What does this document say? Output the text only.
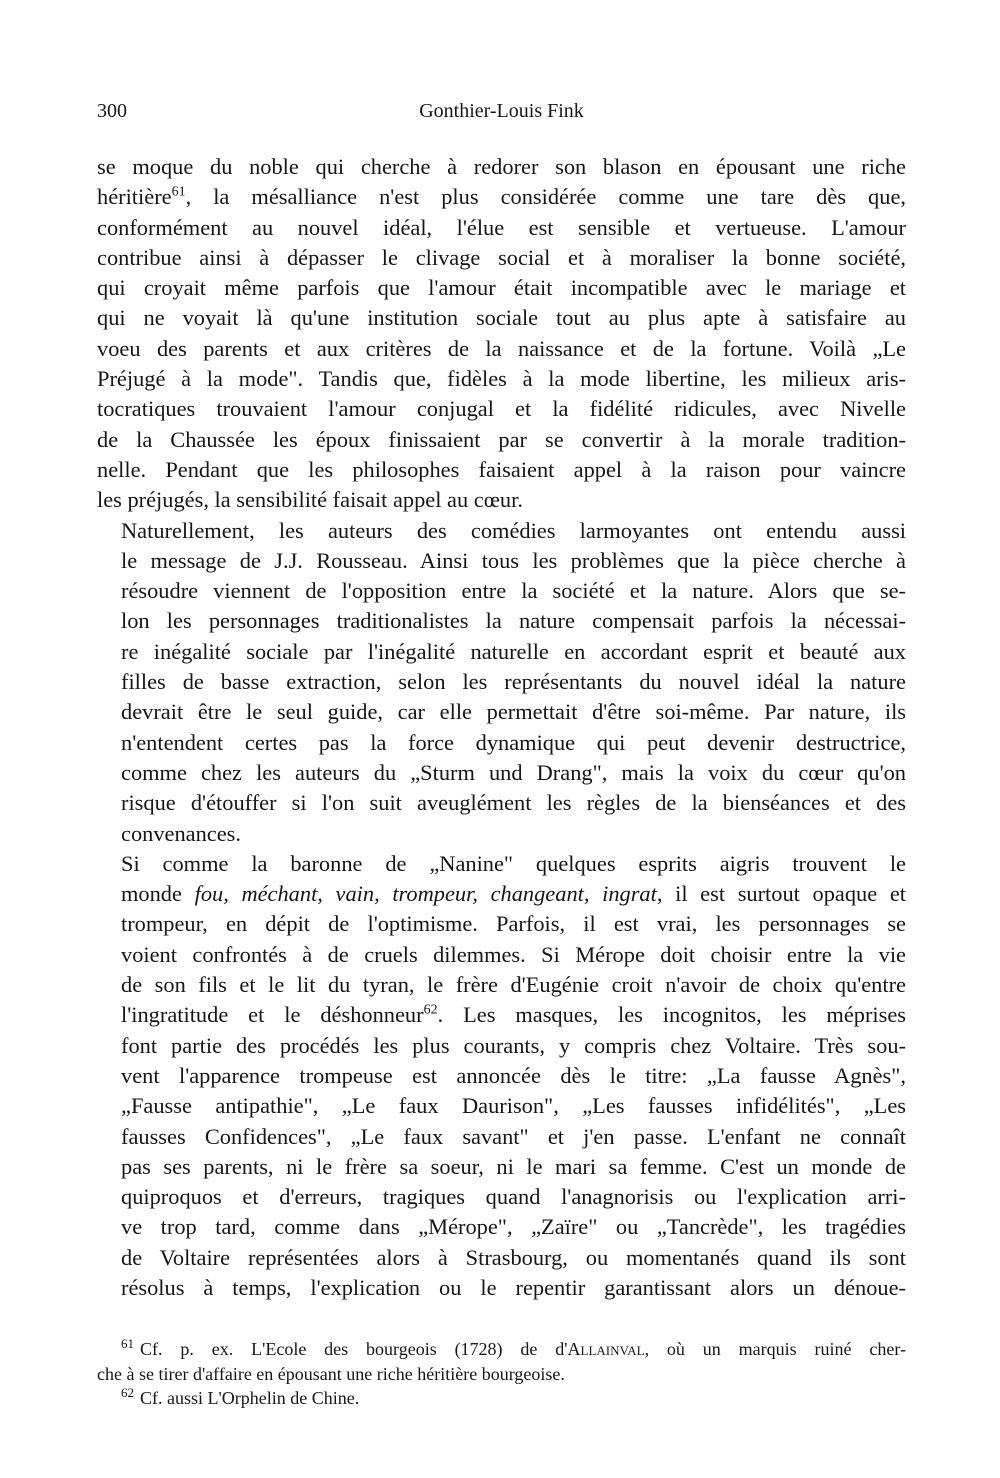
300	Gonthier-Louis Fink

se moque du noble qui cherche à redorer son blason en épousant une riche
héritière$^{61}$, la mésalliance n'est plus considérée comme une tare dès que,
conformément au nouvel idéal, l'élue est sensible et vertueuse. L'amour
contribue ainsi à dépasser le clivage social et à moraliser la bonne société,
qui croyait même parfois que l'amour était incompatible avec le mariage et
qui ne voyait là qu'une institution sociale tout au plus apte à satisfaire au
voeu des parents et aux critères de la naissance et de la fortune. Voilà „Le
Préjugé à la mode". Tandis que, fidèles à la mode libertine, les milieux aris-
tocratiques trouvaient l'amour conjugal et la fidélité ridicules, avec Nivelle
de la Chaussée les époux finissaient par se convertir à la morale tradition-
nelle. Pendant que les philosophes faisaient appel à la raison pour vaincre
les préjugés, la sensibilité faisait appel au cœur.

Naturellement, les auteurs des comédies larmoyantes ont entendu aussi
le message de J.J. Rousseau. Ainsi tous les problèmes que la pièce cherche à
résoudre viennent de l'opposition entre la société et la nature. Alors que se-
lon les personnages traditionalistes la nature compensait parfois la nécessai-
re inégalité sociale par l'inégalité naturelle en accordant esprit et beauté aux
filles de basse extraction, selon les représentants du nouvel idéal la nature
devrait être le seul guide, car elle permettait d'être soi-même. Par nature, ils
n'entendent certes pas la force dynamique qui peut devenir destructrice,
comme chez les auteurs du „Sturm und Drang", mais la voix du cœur qu'on
risque d'étouffer si l'on suit aveuglément les règles de la bienséances et des
convenances.

Si comme la baronne de „Nanine" quelques esprits aigris trouvent le
monde fou, méchant, vain, trompeur, changeant, ingrat, il est surtout opaque et
trompeur, en dépit de l'optimisme. Parfois, il est vrai, les personnages se
voient confrontés à de cruels dilemmes. Si Mérope doit choisir entre la vie
de son fils et le lit du tyran, le frère d'Eugénie croit n'avoir de choix qu'entre
l'ingratitude et le déshonneur$^{62}$. Les masques, les incognitos, les méprises
font partie des procédés les plus courants, y compris chez Voltaire. Très sou-
vent l'apparence trompeuse est annoncée dès le titre: „La fausse Agnès",
„Fausse antipathie", „Le faux Daurison", „Les fausses infidélités", „Les
fausses Confidences", „Le faux savant" et j'en passe. L'enfant ne connaît
pas ses parents, ni le frère sa soeur, ni le mari sa femme. C'est un monde de
quiproquos et d'erreurs, tragiques quand l'anagnorisis ou l'explication arri-
ve trop tard, comme dans „Mérope", „Zaïre" ou „Tancrède", les tragédies
de Voltaire représentées alors à Strasbourg, ou momentanés quand ils sont
résolus à temps, l'explication ou le repentir garantissant alors un dénoue-

$^{61}$ Cf. p. ex. L'Ecole des bourgeois (1728) de d'Allainval, où un marquis ruiné cher-
che à se tirer d'affaire en épousant une riche héritière bourgeoise.

$^{62}$ Cf. aussi L'Orphelin de Chine.
